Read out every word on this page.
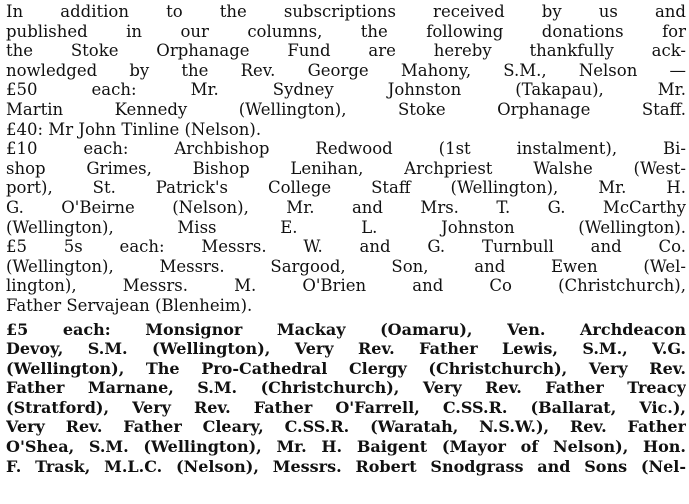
In addition to the subscriptions received by us and
published in our columns, the following donations for
the Stoke Orphanage Fund are hereby thankfully ack-
nowledged by the Rev. George Mahony, S.M., Nelson —
£50 each: Mr. Sydney Johnston (Takapau), Mr.
Martin Kennedy (Wellington), Stoke Orphanage Staff.
£40: Mr John Tinline (Nelson).
£10 each: Archbishop Redwood (1st instalment), Bi-
shop Grimes, Bishop Lenihan, Archpriest Walshe (West-
port), St. Patrick's College Staff (Wellington), Mr. H.
G. O'Beirne (Nelson), Mr. and Mrs. T. G. McCarthy
(Wellington), Miss E. L. Johnston (Wellington).
£5 5s each: Messrs. W. and G. Turnbull and Co.
(Wellington), Messrs. Sargood, Son, and Ewen (Wel-
lington), Messrs. M. O'Brien and Co (Christchurch),
Father Servajean (Blenheim).
£5 each: Monsignor Mackay (Oamaru), Ven. Archdeacon
Devoy, S.M. (Wellington), Very Rev. Father Lewis, S.M., V.G.
(Wellington), The Pro-Cathedral Clergy (Christchurch), Very Rev.
Father Marnane, S.M. (Christchurch), Very Rev. Father Treacy
(Stratford), Very Rev. Father O'Farrell, C.SS.R. (Ballarat, Vic.),
Very Rev. Father Cleary, C.SS.R. (Waratah, N.S.W.), Rev. Father
O'Shea, S.M. (Wellington), Mr. H. Baigent (Mayor of Nelson), Hon.
F. Trask, M.L.C. (Nelson), Messrs. Robert Snodgrass and Sons (Nel-
